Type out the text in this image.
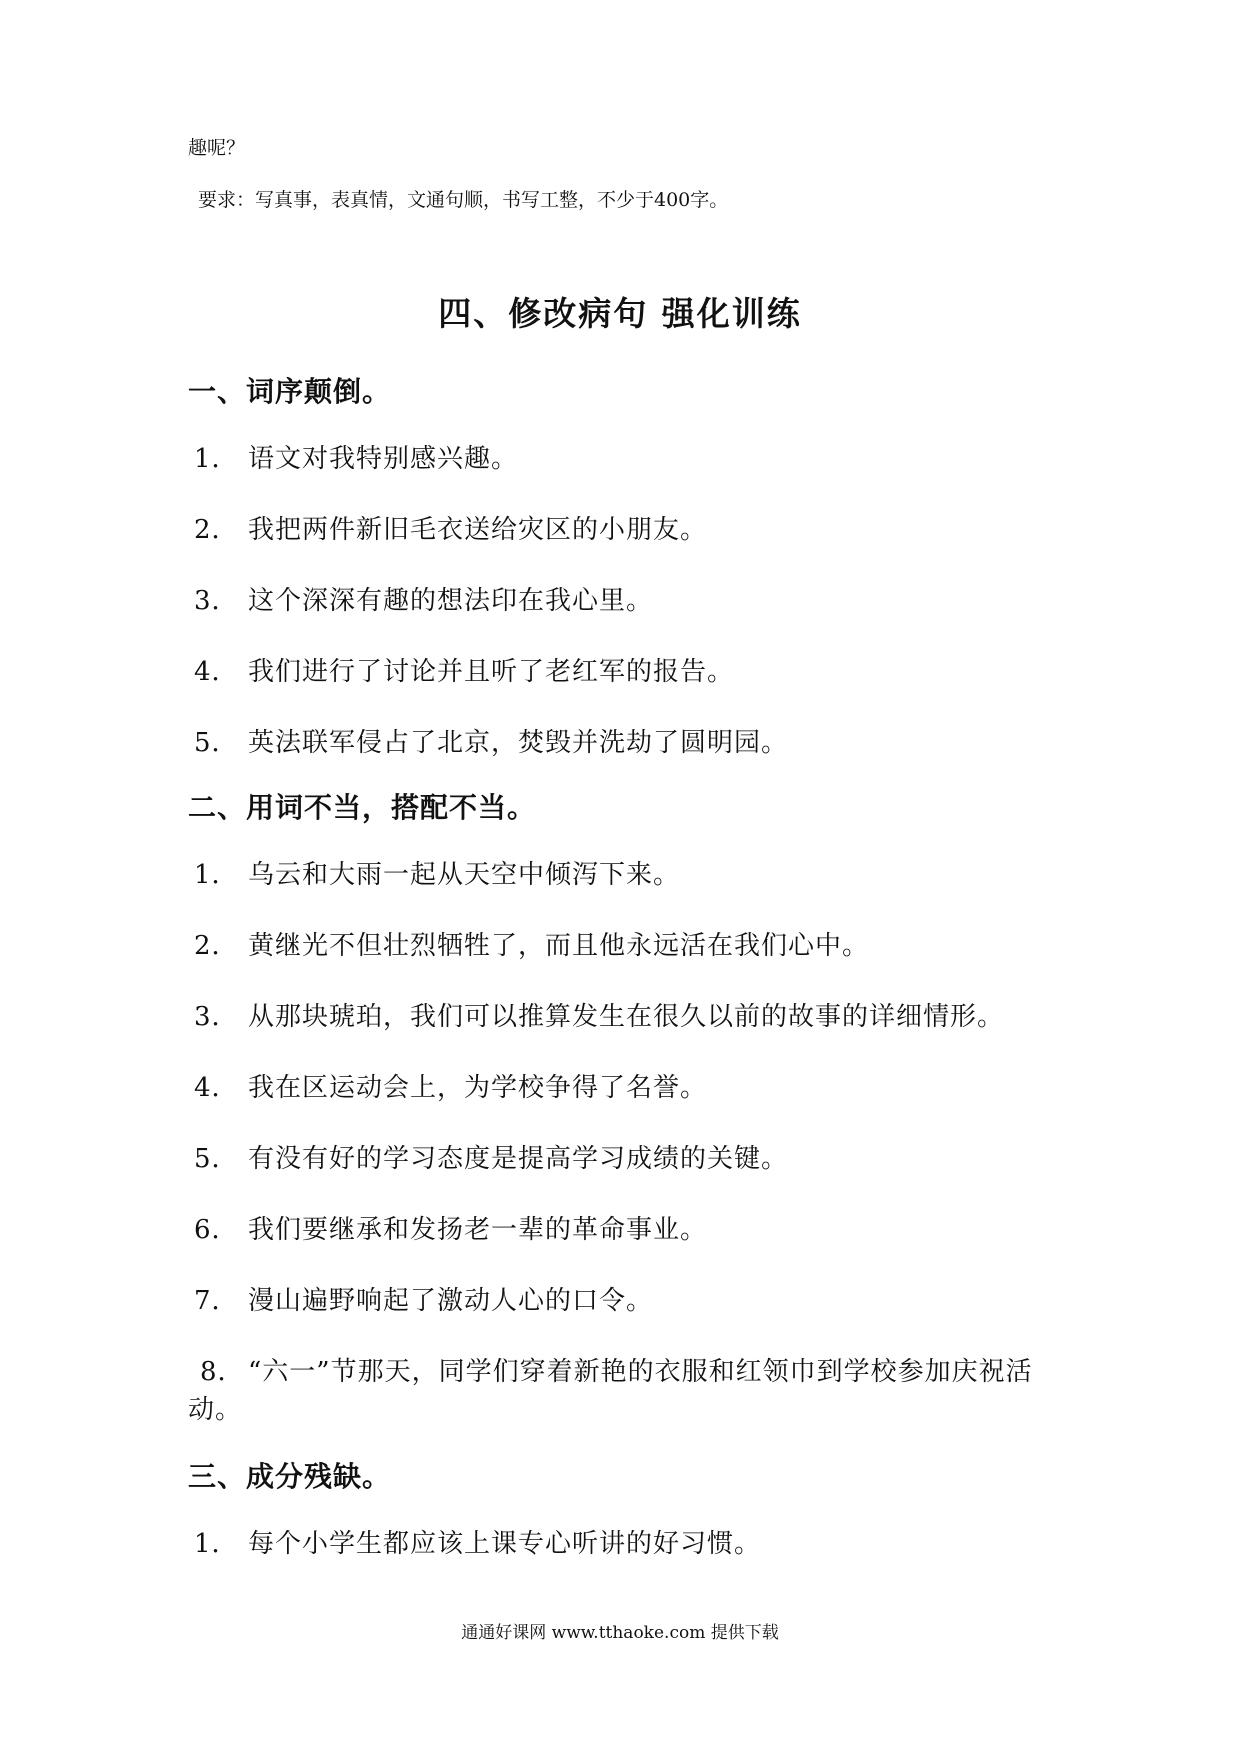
趣呢？
要求：写真事，表真情，文通句顺，书写工整，不少于400字。
四、修改病句 强化训练
一、词序颠倒。
1． 语文对我特别感兴趣。
2． 我把两件新旧毛衣送给灾区的小朋友。
3． 这个深深有趣的想法印在我心里。
4． 我们进行了讨论并且听了老红军的报告。
5． 英法联军侵占了北京，焚毁并洗劫了圆明园。
二、用词不当，搭配不当。
1． 乌云和大雨一起从天空中倾泻下来。
2． 黄继光不但壮烈牺牲了，而且他永远活在我们心中。
3． 从那块琥珀，我们可以推算发生在很久以前的故事的详细情形。
4． 我在区运动会上，为学校争得了名誉。
5． 有没有好的学习态度是提高学习成绩的关键。
6． 我们要继承和发扬老一辈的革命事业。
7． 漫山遍野响起了激动人心的口令。
8． “六一”节那天，同学们穿着新艳的衣服和红领巾到学校参加庆祝活动。
三、成分残缺。
1． 每个小学生都应该上课专心听讲的好习惯。
通通好课网 www.tthaoke.com 提供下载
